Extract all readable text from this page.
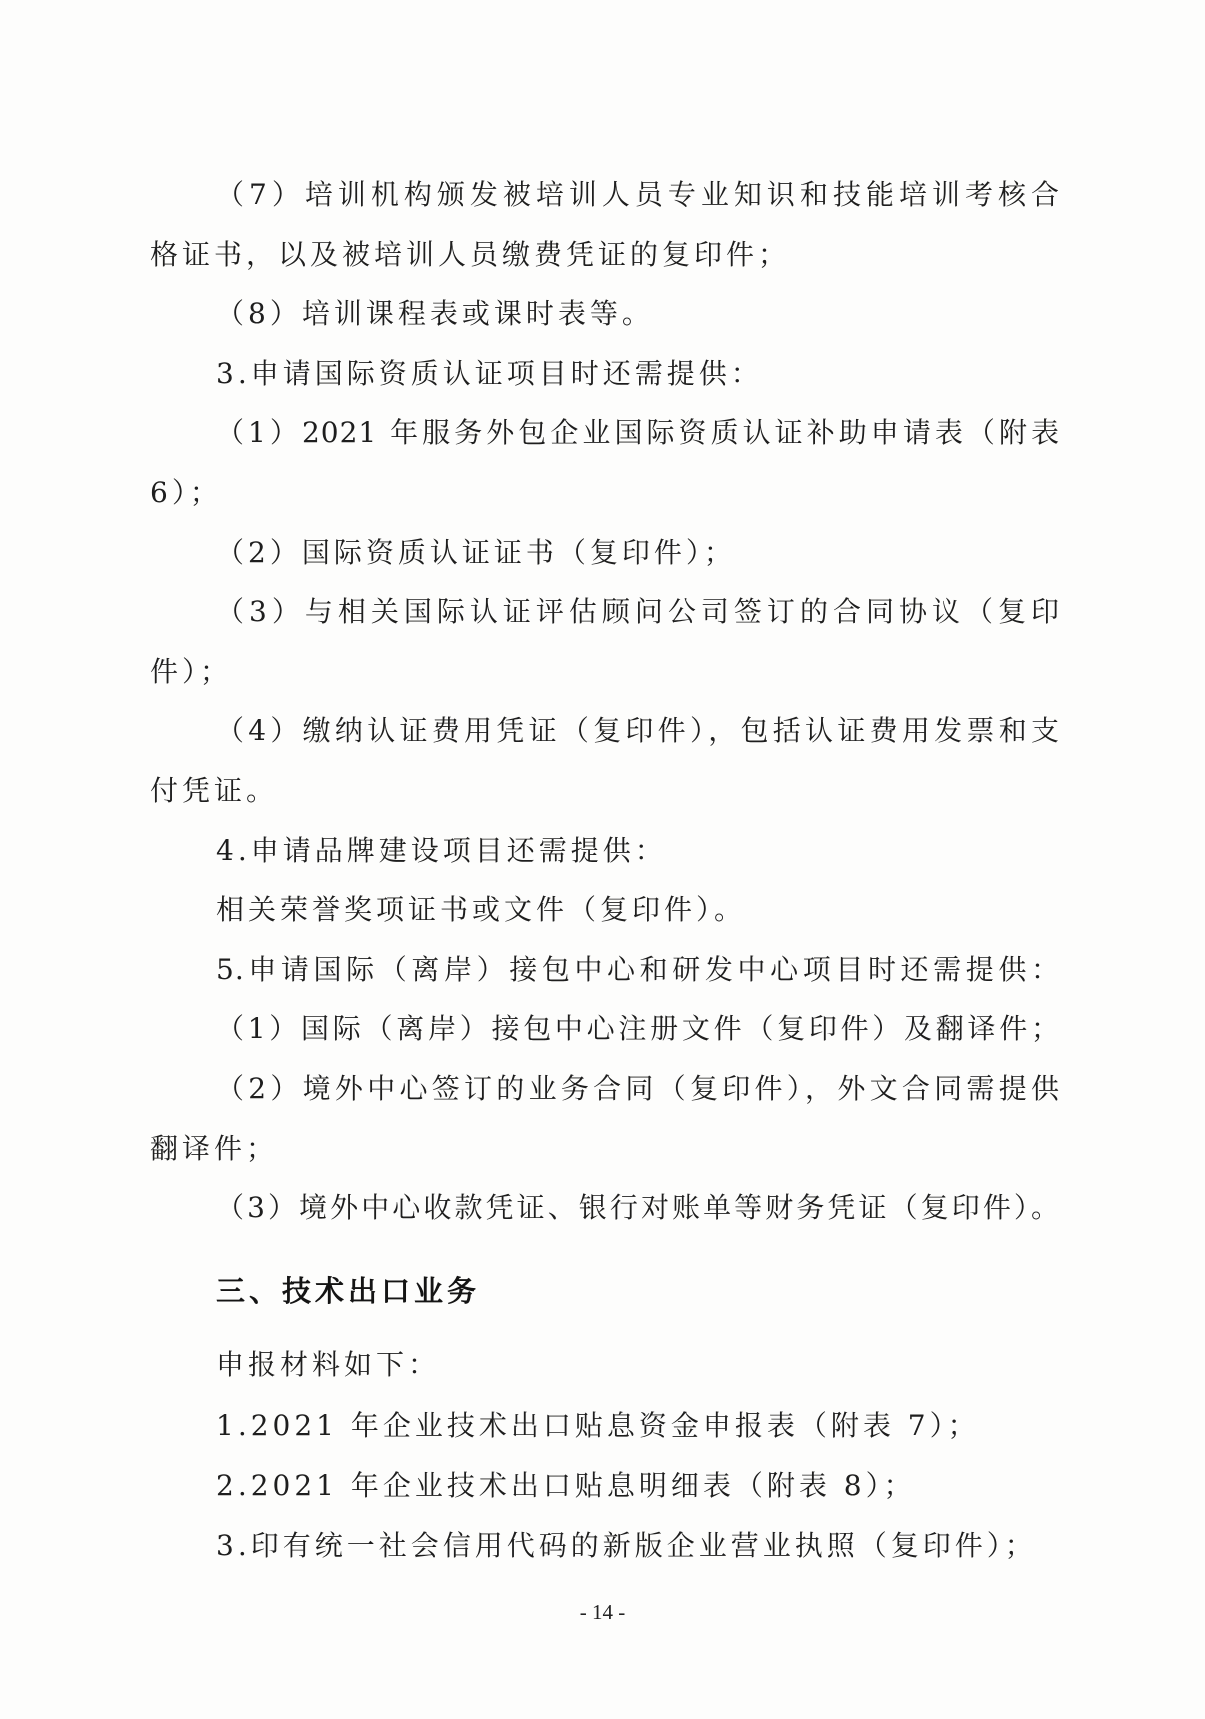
（7）培训机构颁发被培训人员专业知识和技能培训考核合
格证书，以及被培训人员缴费凭证的复印件；
（8）培训课程表或课时表等。
3.申请国际资质认证项目时还需提供：
（1）2021 年服务外包企业国际资质认证补助申请表（附表
6）；
（2）国际资质认证证书（复印件）；
（3）与相关国际认证评估顾问公司签订的合同协议（复印
件）；
（4）缴纳认证费用凭证（复印件），包括认证费用发票和支
付凭证。
4.申请品牌建设项目还需提供：
相关荣誉奖项证书或文件（复印件）。
5.申请国际（离岸）接包中心和研发中心项目时还需提供：
（1）国际（离岸）接包中心注册文件（复印件）及翻译件；
（2）境外中心签订的业务合同（复印件），外文合同需提供
翻译件；
（3）境外中心收款凭证、银行对账单等财务凭证（复印件）。
三、技术出口业务
申报材料如下：
1.2021 年企业技术出口贴息资金申报表（附表 7）；
2.2021 年企业技术出口贴息明细表（附表 8）；
3.印有统一社会信用代码的新版企业营业执照（复印件）；
- 14 -
